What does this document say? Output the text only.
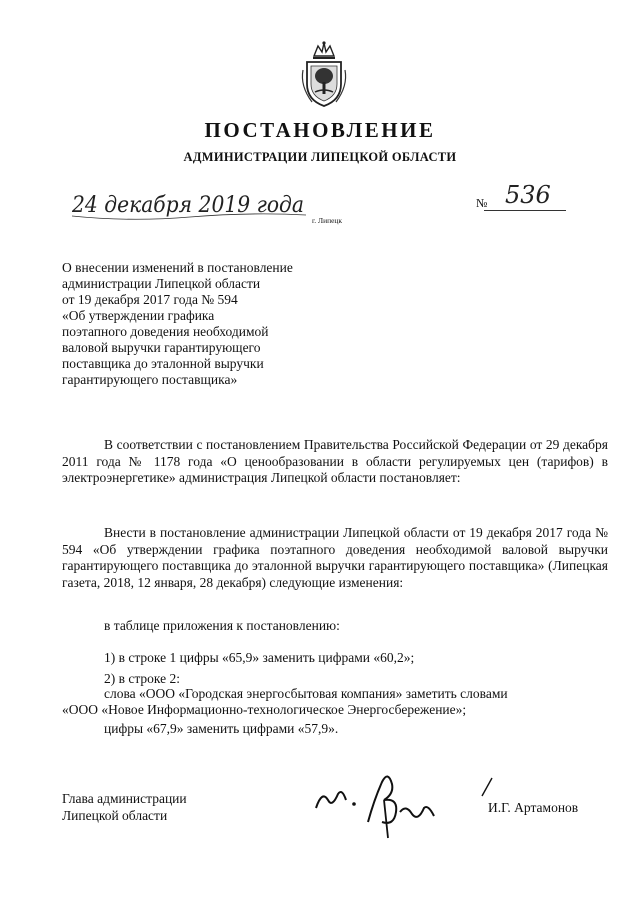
ПОСТАНОВЛЕНИЕ
АДМИНИСТРАЦИИ ЛИПЕЦКОЙ ОБЛАСТИ
24 декабря 2019 года
г. Липецк
№ 536
О внесении изменений в постановление
администрации Липецкой области
от 19 декабря 2017 года № 594
«Об утверждении графика
поэтапного доведения необходимой
валовой выручки гарантирующего
поставщика до эталонной выручки
гарантирующего поставщика»
В соответствии с постановлением Правительства Российской Федерации от 29 декабря 2011 года № 1178 года «О ценообразовании в области регулируемых цен (тарифов) в электроэнергетике» администрация Липецкой области постановляет:
Внести в постановление администрации Липецкой области от 19 декабря 2017 года № 594 «Об утверждении графика поэтапного доведения необходимой валовой выручки гарантирующего поставщика до эталонной выручки гарантирующего поставщика» (Липецкая газета, 2018, 12 января, 28 декабря) следующие изменения:
в таблице приложения к постановлению:
1) в строке 1 цифры «65,9» заменить цифрами «60,2»;
2) в строке 2:
слова «ООО «Городская энергосбытовая компания» заметить словами
«ООО «Новое Информационно-технологическое Энергосбережение»;
цифры «67,9» заменить цифрами «57,9».
Глава администрации
Липецкой области
И.Г. Артамонов
